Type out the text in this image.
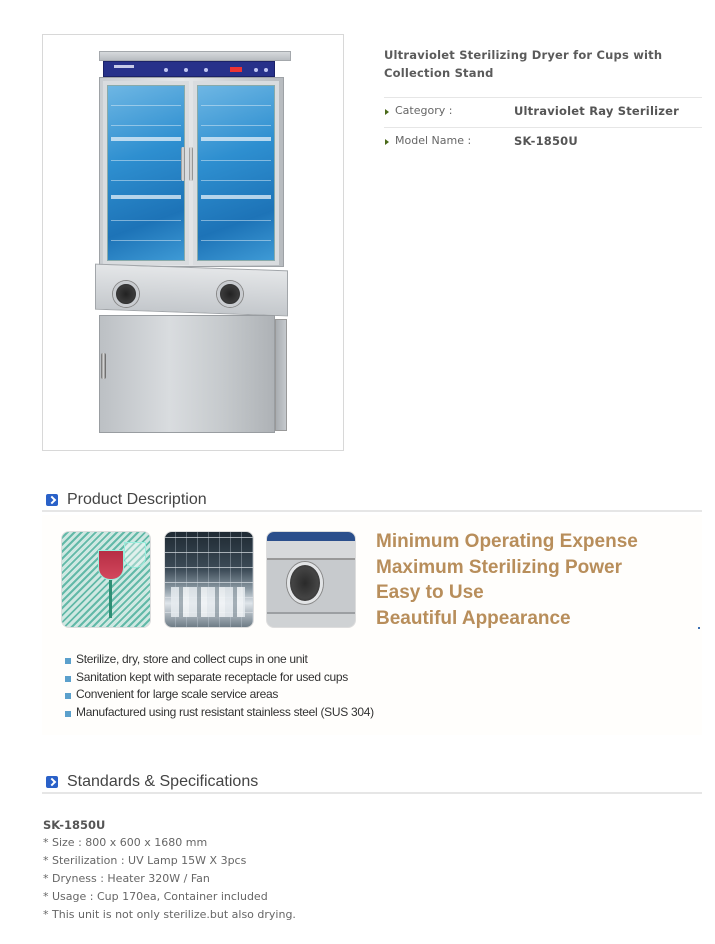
Ultraviolet Sterilizing Dryer for Cups with
Collection Stand
Category :	Ultraviolet Ray Sterilizer
Model Name :	SK-1850U
Product Description
Minimum Operating Expense
Maximum Sterilizing Power
Easy to Use
Beautiful Appearance
Sterilize, dry, store and collect cups in one unit
Sanitation kept with separate receptacle for used cups
Convenient for large scale service areas
Manufactured using rust resistant stainless steel (SUS 304)
Standards & Specifications
SK-1850U
* Size : 800 x 600 x 1680 mm
* Sterilization : UV Lamp 15W X 3pcs
* Dryness : Heater 320W / Fan
* Usage : Cup 170ea, Container included
* This unit is not only sterilize.but also drying.
